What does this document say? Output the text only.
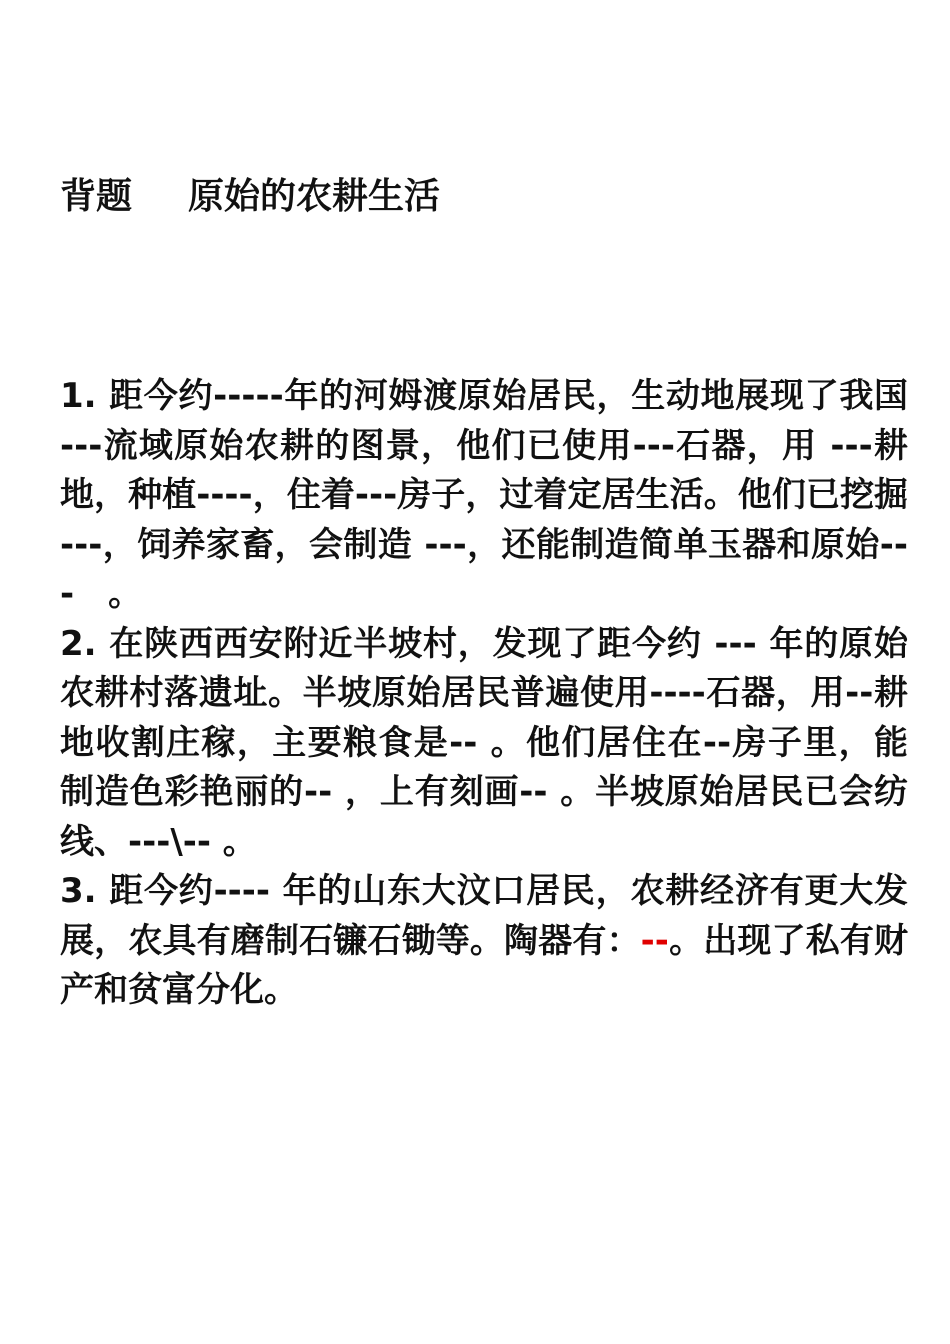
背题 原始的农耕生活

1. 距今约-----年的河姆渡原始居民，生动地展现了我国 ---流域原始农耕的图景，他们已使用---石器，用 ---耕地，种植----，住着---房子，过着定居生活。他们已挖掘 ---，饲养家畜，会制造 ---，还能制造简单玉器和原始---　。

2. 在陕西西安附近半坡村，发现了距今约 --- 年的原始农耕村落遗址。半坡原始居民普遍使用----石器，用--耕地收割庄稼，主要粮食是-- 。他们居住在--房子里，能制造色彩艳丽的-- ，上有刻画-- 。半坡原始居民已会纺线、---\-- 。

3. 距今约---- 年的山东大汶口居民，农耕经济有更大发展，农具有磨制石镰石锄等。陶器有：--。出现了私有财产和贫富分化。
